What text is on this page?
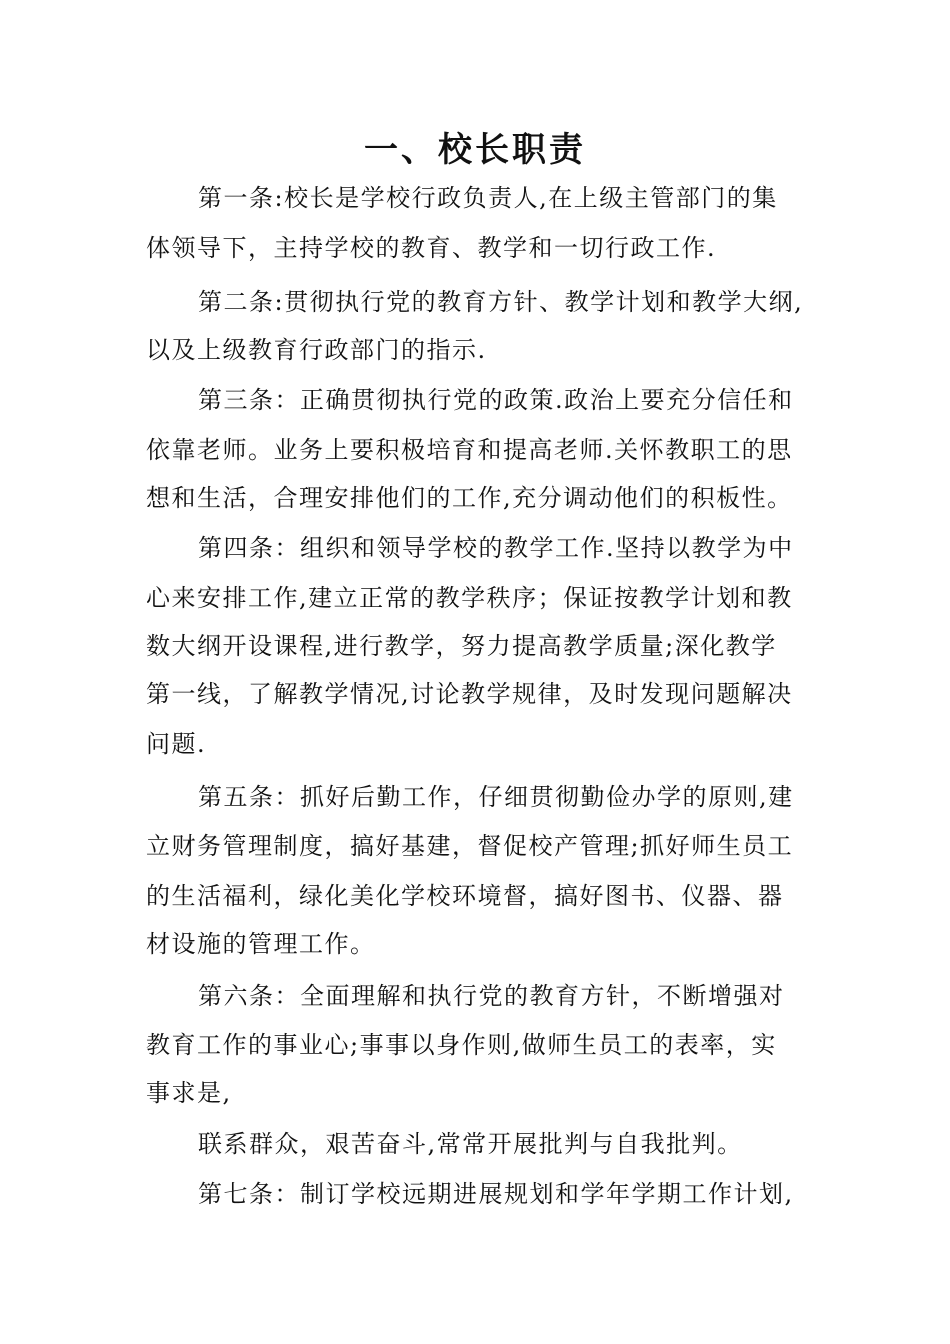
一、校长职责
第一条:校长是学校行政负责人,在上级主管部门的集
体领导下，主持学校的教育、教学和一切行政工作.
第二条:贯彻执行党的教育方针、教学计划和教学大纲,
以及上级教育行政部门的指示.
第三条：正确贯彻执行党的政策.政治上要充分信任和
依靠老师。业务上要积极培育和提高老师.关怀教职工的思
想和生活，合理安排他们的工作,充分调动他们的积板性。
第四条：组织和领导学校的教学工作.坚持以教学为中
心来安排工作,建立正常的教学秩序；保证按教学计划和教
数大纲开设课程,进行教学，努力提高教学质量;深化教学
第一线，了解教学情况,讨论教学规律，及时发现问题解决
问题.
第五条：抓好后勤工作，仔细贯彻勤俭办学的原则,建
立财务管理制度，搞好基建，督促校产管理;抓好师生员工
的生活福利，绿化美化学校环境督，搞好图书、仪器、器
材设施的管理工作。
第六条：全面理解和执行党的教育方针，不断增强对
教育工作的事业心;事事以身作则,做师生员工的表率，实
事求是,
联系群众，艰苦奋斗,常常开展批判与自我批判。
第七条：制订学校远期进展规划和学年学期工作计划,
